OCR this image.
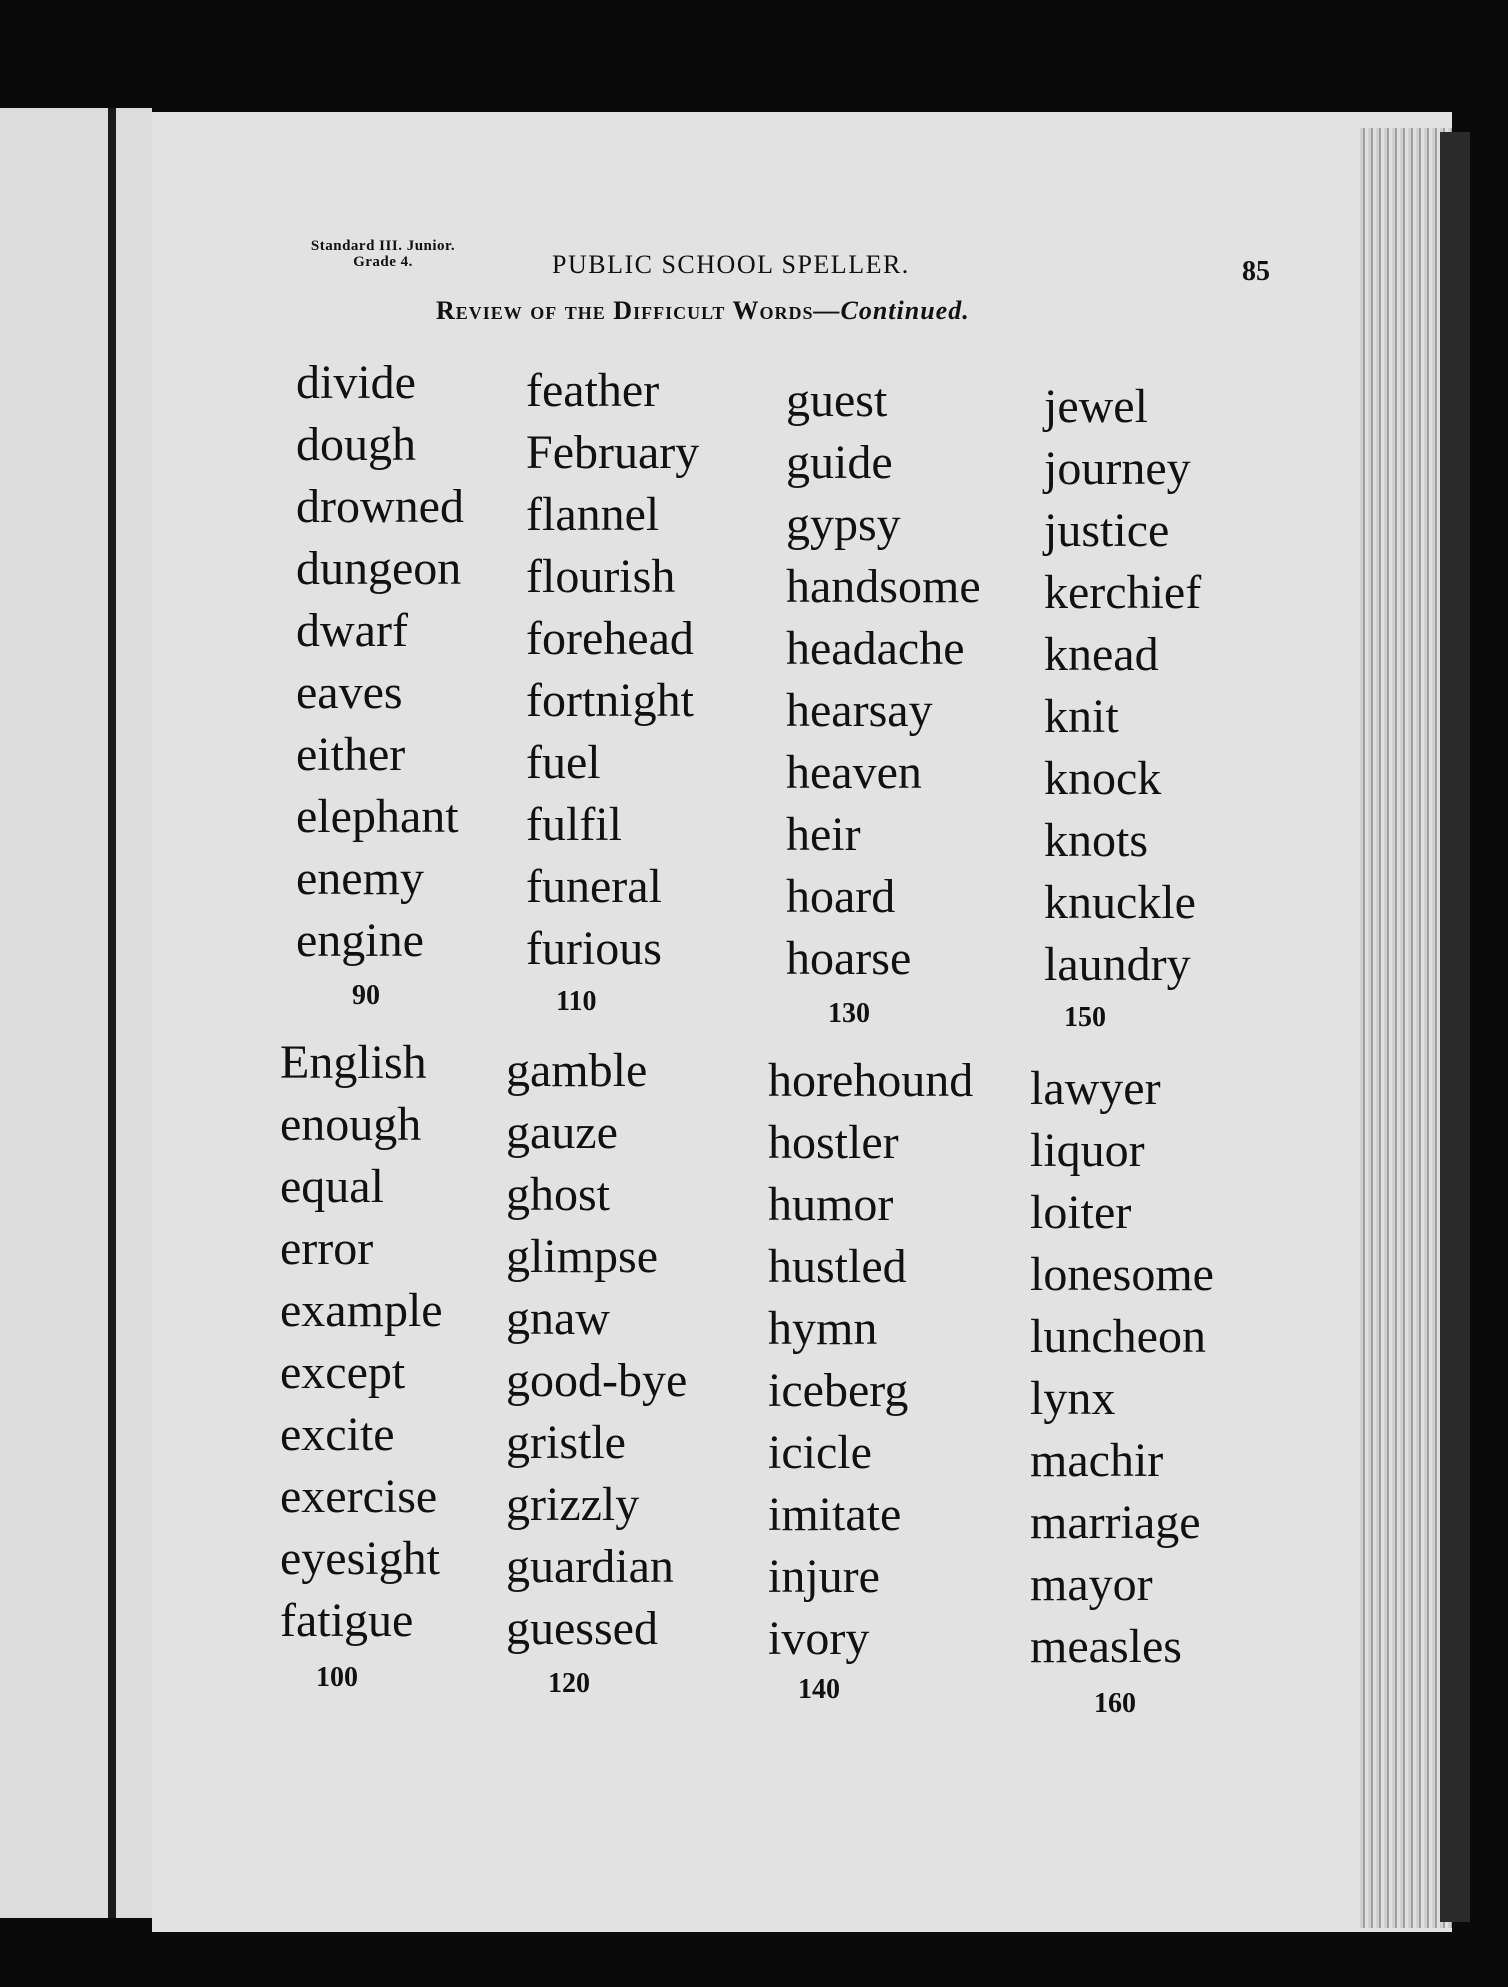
Standard III. Junior.
Grade 4.	PUBLIC SCHOOL SPELLER.	85
Review of the Difficult Words—Continued.
divide
dough
drowned
dungeon
dwarf
eaves
either
elephant
enemy
engine
90
feather
February
flannel
flourish
forehead
fortnight
fuel
fulfil
funeral
furious
110
guest
guide
gypsy
handsome
headache
hearsay
heaven
heir
hoard
hoarse
130
jewel
journey
justice
kerchief
knead
knit
knock
knots
knuckle
laundry
150
English
enough
equal
error
example
except
excite
exercise
eyesight
fatigue
100
gamble
gauze
ghost
glimpse
gnaw
good-bye
gristle
grizzly
guardian
guessed
120
horehound
hostler
humor
hustled
hymn
iceberg
icicle
imitate
injure
ivory
140
lawyer
liquor
loiter
lonesome
luncheon
lynx
machir
marriage
mayor
measles
160
